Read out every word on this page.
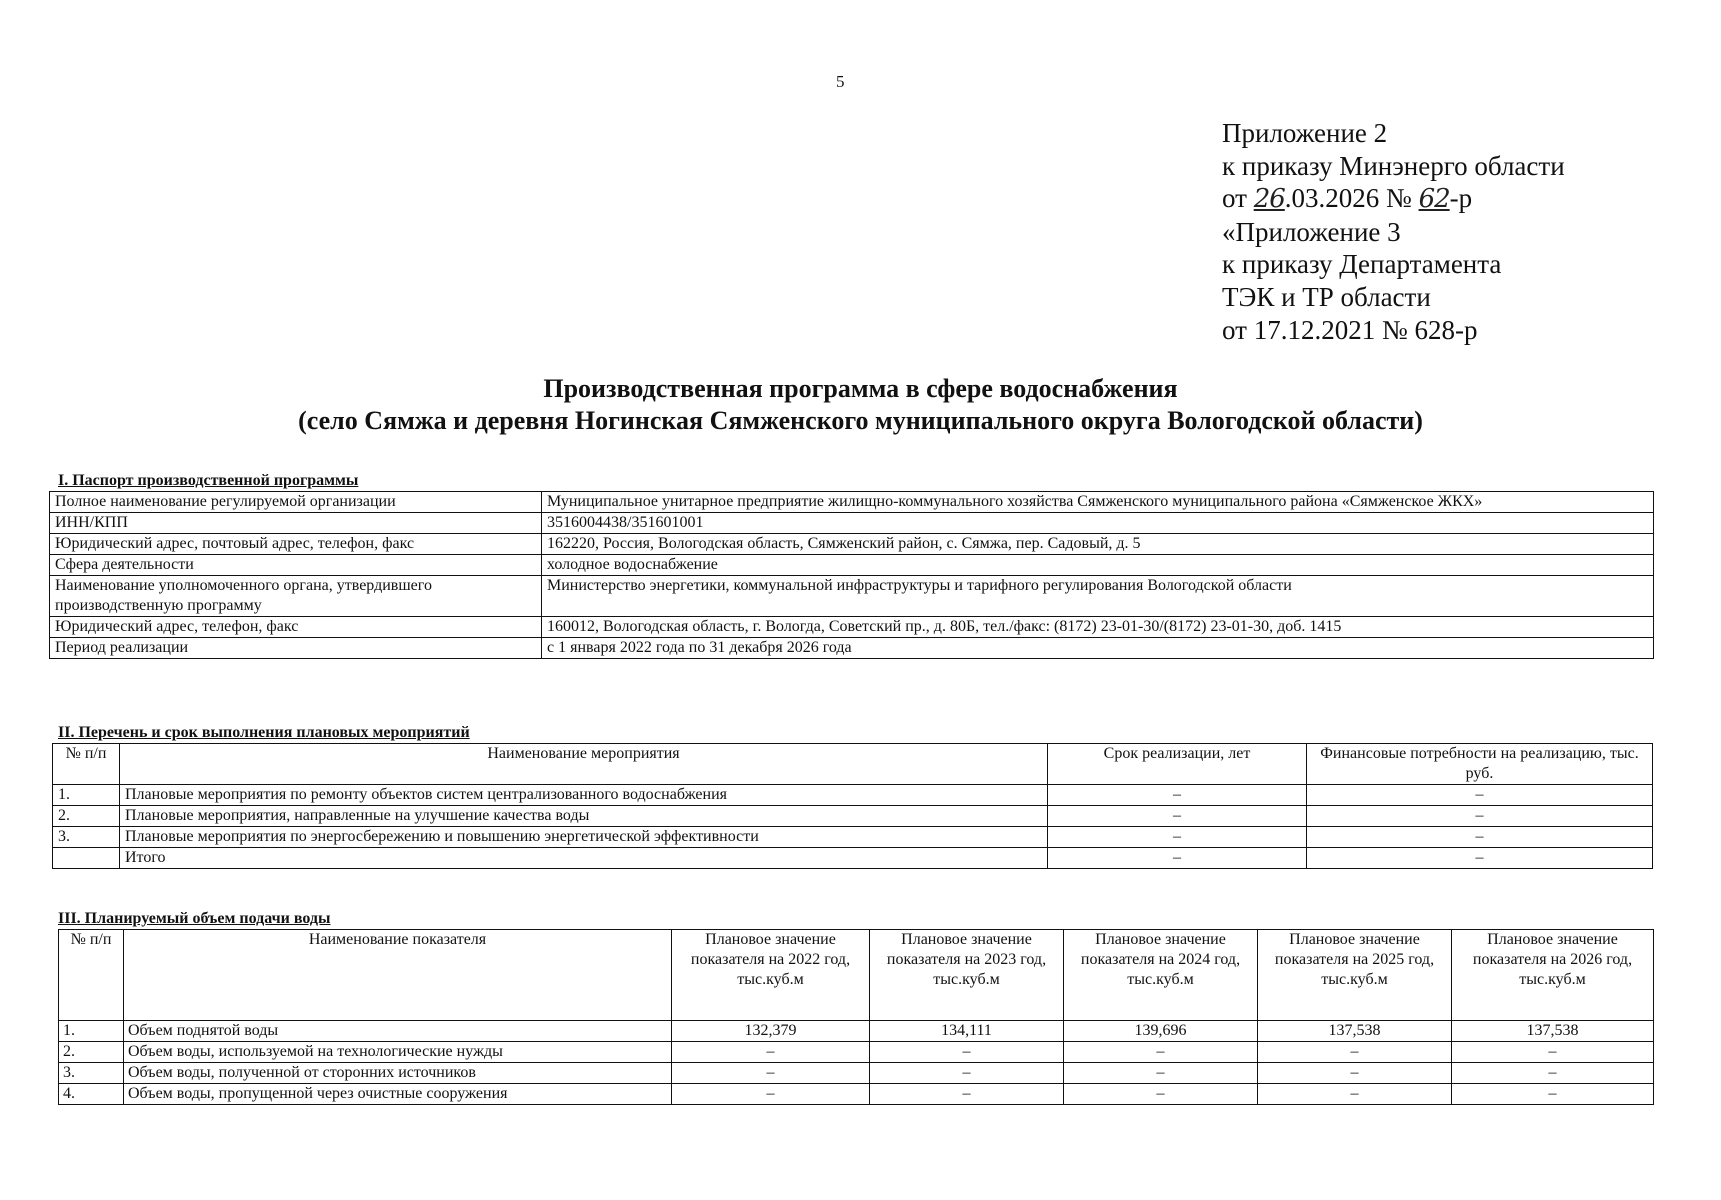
5
Приложение 2
к приказу Минэнерго области
от 26.03.2026 № 62-р
«Приложение 3
к приказу Департамента
ТЭК и ТР области
от 17.12.2021 № 628-р
Производственная программа в сфере водоснабжения
(село Сямжа и деревня Ногинская Сямженского муниципального округа Вологодской области)
I. Паспорт производственной программы
Полное наименование регулируемой организации	Муниципальное унитарное предприятие жилищно-коммунального хозяйства Сямженского муниципального района «Сямженское ЖКХ»
ИНН/КПП	3516004438/351601001
Юридический адрес, почтовый адрес, телефон, факс	162220, Россия, Вологодская область, Сямженский район, с. Сямжа, пер. Садовый, д. 5
Сфера деятельности	холодное водоснабжение
Наименование уполномоченного органа, утвердившего производственную программу	Министерство энергетики, коммунальной инфраструктуры и тарифного регулирования Вологодской области
Юридический адрес, телефон, факс	160012, Вологодская область, г. Вологда, Советский пр., д. 80Б, тел./факс: (8172) 23-01-30/(8172) 23-01-30, доб. 1415
Период реализации	с 1 января 2022 года по 31 декабря 2026 года
II. Перечень и срок выполнения плановых мероприятий
№ п/п	Наименование мероприятия	Срок реализации, лет	Финансовые потребности на реализацию, тыс. руб.
1.	Плановые мероприятия по ремонту объектов систем централизованного водоснабжения	–	–
2.	Плановые мероприятия, направленные на улучшение качества воды	–	–
3.	Плановые мероприятия по энергосбережению и повышению энергетической эффективности	–	–
	Итого	–	–
III. Планируемый объем подачи воды
№ п/п	Наименование показателя	Плановое значение показателя на 2022 год, тыс.куб.м	Плановое значение показателя на 2023 год, тыс.куб.м	Плановое значение показателя на 2024 год, тыс.куб.м	Плановое значение показателя на 2025 год, тыс.куб.м	Плановое значение показателя на 2026 год, тыс.куб.м
1.	Объем поднятой воды	132,379	134,111	139,696	137,538	137,538
2.	Объем воды, используемой на технологические нужды	–	–	–	–	–
3.	Объем воды, полученной от сторонних источников	–	–	–	–	–
4.	Объем воды, пропущенной через очистные сооружения	–	–	–	–	–
